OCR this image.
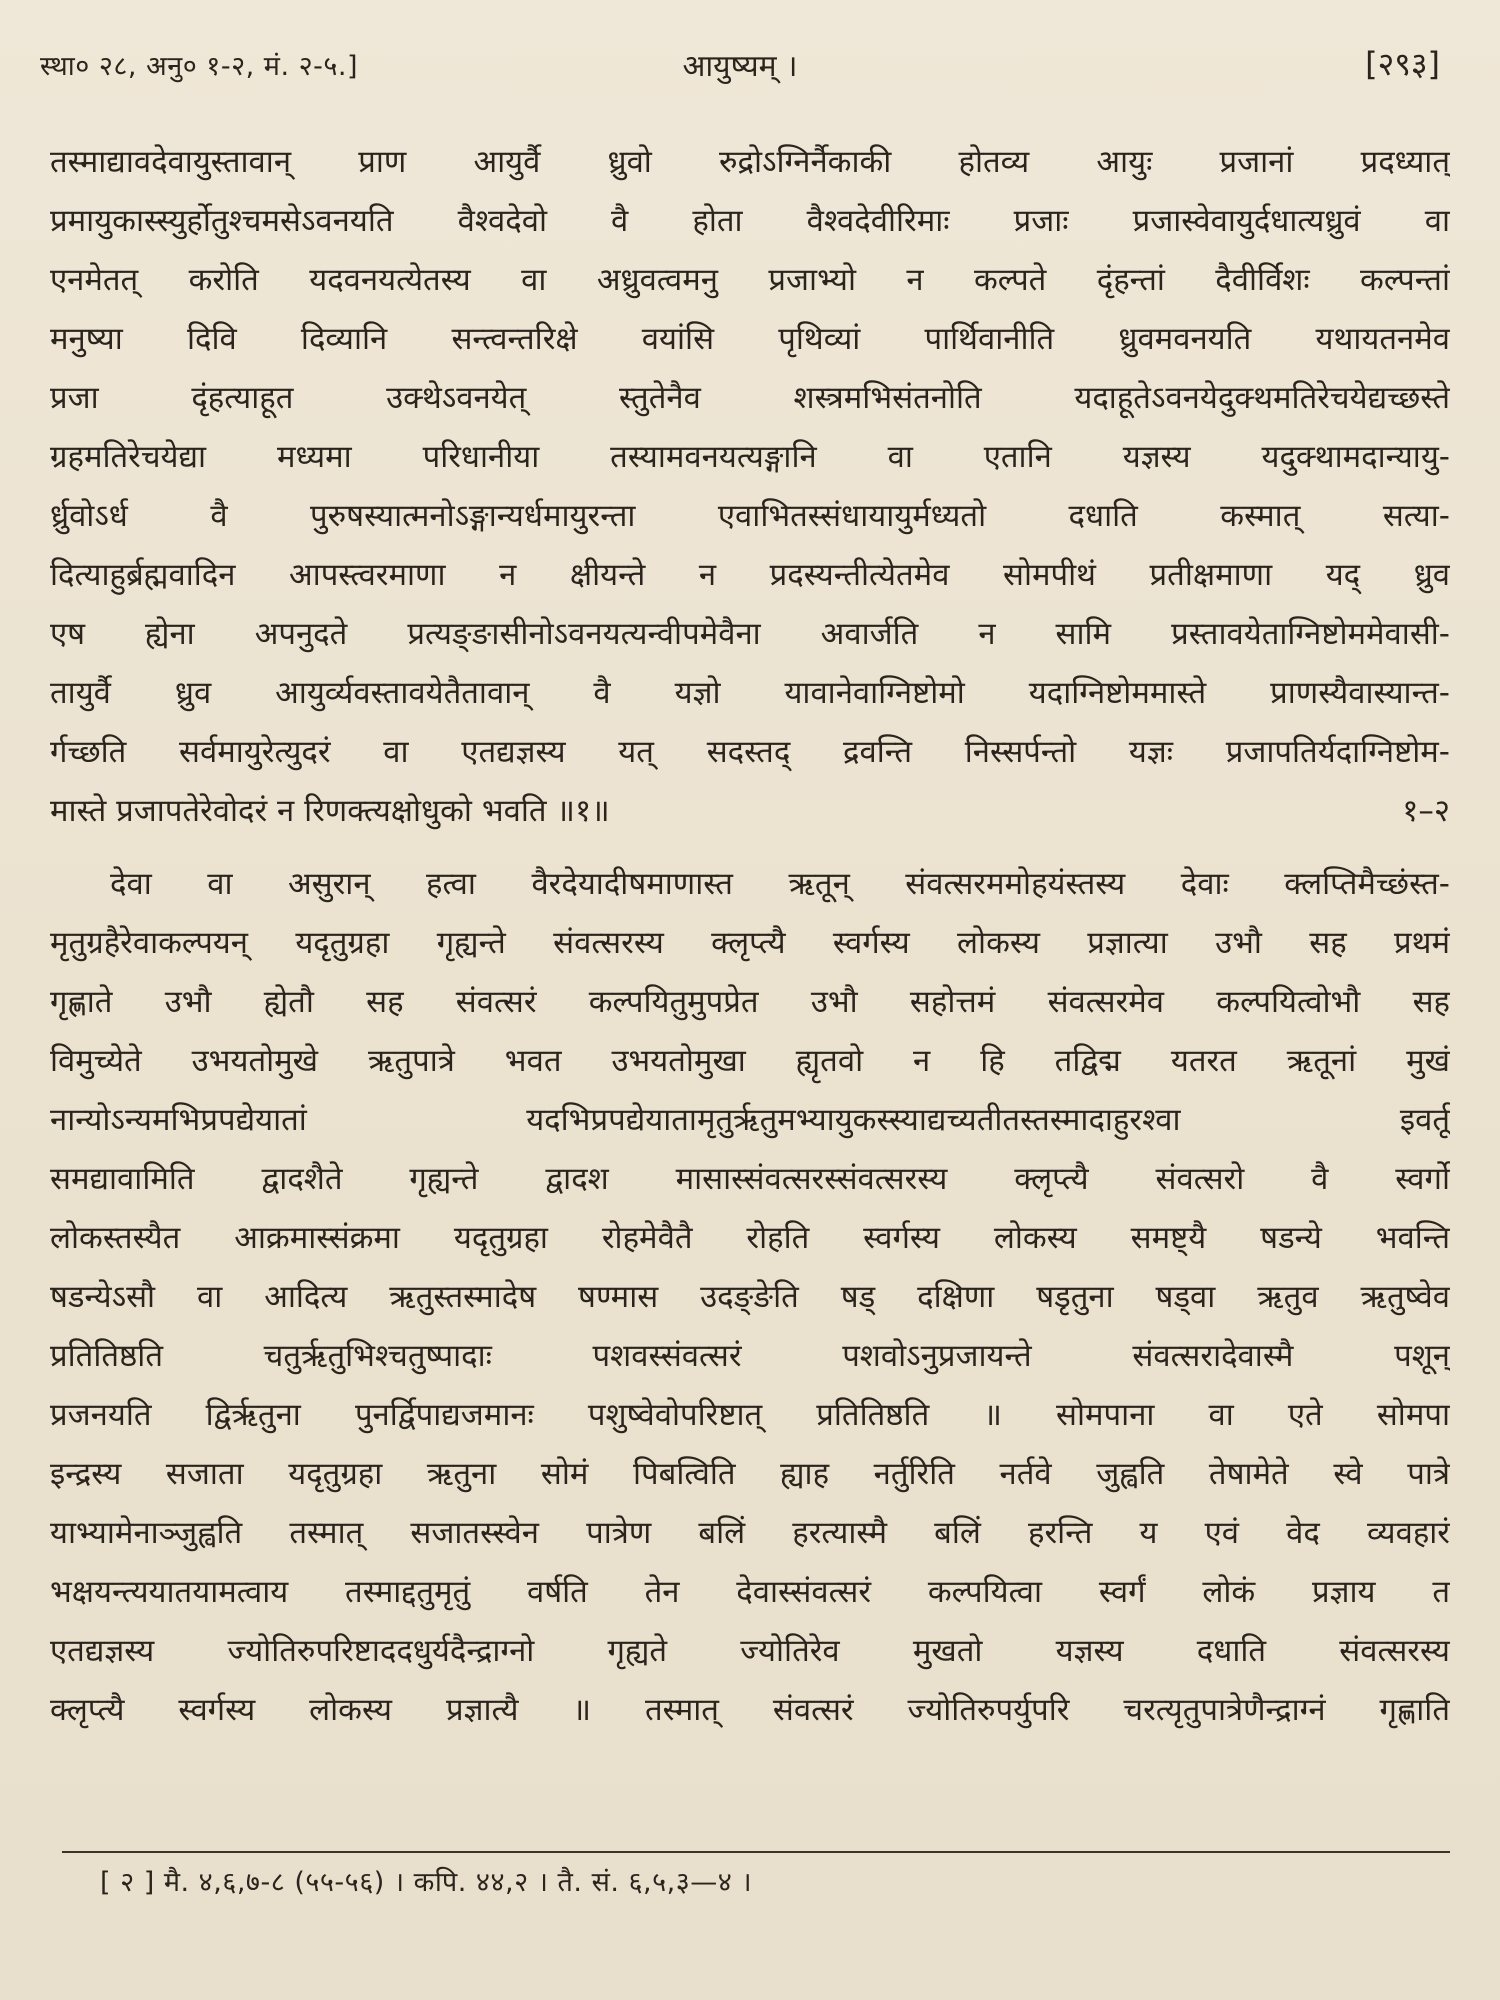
स्था० २८, अनु० १-२, मं. २-५.]	आयुष्यम् ।	[२९३]
तस्माद्यावदेवायुस्तावान् प्राण आयुर्वै ध्रुवो रुद्रोऽग्निर्नैकाकी होतव्य आयुः प्रजानां प्रदध्यात्
प्रमायुकास्स्युर्होतुश्चमसेऽवनयति वैश्वदेवो वै होता वैश्वदेवीरिमाः प्रजाः प्रजास्वेवायुर्दधात्यध्रुवं वा
एनमेतत् करोति यदवनयत्येतस्य वा अध्रुवत्वमनु प्रजाभ्यो न कल्पते दृंहन्तां दैवीर्विशः कल्पन्तां
मनुष्या दिवि दिव्यानि सन्त्वन्तरिक्षे वयांसि पृथिव्यां पार्थिवानीति ध्रुवमवनयति यथायतनमेव
प्रजा दृंहत्याहूत उक्थेऽवनयेत् स्तुतेनैव शस्त्रमभिसंतनोति यदाहूतेऽवनयेदुक्थमतिरेचयेद्यच्छस्ते
ग्रहमतिरेचयेद्या मध्यमा परिधानीया तस्यामवनयत्यङ्गानि वा एतानि यज्ञस्य यदुक्थामदान्यायु-
र्ध्रुवोऽर्ध वै पुरुषस्यात्मनोऽङ्गान्यर्धमायुरन्ता एवाभितस्संधायायुर्मध्यतो दधाति कस्मात् सत्या-
दित्याहुर्ब्रह्मवादिन आपस्त्वरमाणा न क्षीयन्ते न प्रदस्यन्तीत्येतमेव सोमपीथं प्रतीक्षमाणा यद् ध्रुव
एष ह्येना अपनुदते प्रत्यङ्ङासीनोऽवनयत्यन्वीपमेवैना अवार्जति न सामि प्रस्तावयेताग्निष्टोममेवासी-
तायुर्वै ध्रुव आयुर्व्यवस्तावयेतैतावान् वै यज्ञो यावानेवाग्निष्टोमो यदाग्निष्टोममास्ते प्राणस्यैवास्यान्त-
र्गच्छति सर्वमायुरेत्युदरं वा एतद्यज्ञस्य यत् सदस्तद् द्रवन्ति निस्सर्पन्तो यज्ञः प्रजापतिर्यदाग्निष्टोम-
मास्ते प्रजापतेरेवोदरं न रिणक्त्यक्षोधुको भवति ॥१॥	१–२
देवा वा असुरान् हत्वा वैरदेयादीषमाणास्त ऋतून् संवत्सरममोहयंस्तस्य देवाः क्लप्तिमैच्छंस्त-
मृतुग्रहैरेवाकल्पयन् यदृतुग्रहा गृह्यन्ते संवत्सरस्य क्लृप्त्यै स्वर्गस्य लोकस्य प्रज्ञात्या उभौ सह प्रथमं
गृह्णाते उभौ ह्येतौ सह संवत्सरं कल्पयितुमुपप्रेत उभौ सहोत्तमं संवत्सरमेव कल्पयित्वोभौ सह
विमुच्येते उभयतोमुखे ऋतुपात्रे भवत उभयतोमुखा ह्यृतवो न हि तद्विद्म यतरत ऋतूनां मुखं
नान्योऽन्यमभिप्रपद्येयातां यदभिप्रपद्येयातामृतुर्ऋतुमभ्यायुकस्स्याद्यच्यतीतस्तस्मादाहुरश्वा इवर्तू
समद्यावामिति द्वादशैते गृह्यन्ते द्वादश मासास्संवत्सरस्संवत्सरस्य क्लृप्त्यै संवत्सरो वै स्वर्गो
लोकस्तस्यैत आक्रमास्संक्रमा यदृतुग्रहा रोहमेवैतै रोहति स्वर्गस्य लोकस्य समष्ट्यै षडन्ये भवन्ति
षडन्येऽसौ वा आदित्य ऋतुस्तस्मादेष षण्मास उदङ्ङेति षड् दक्षिणा षडृतुना षड्वा ऋतुव ऋतुष्वेव
प्रतितिष्ठति चतुर्ऋतुभिश्चतुष्पादाः पशवस्संवत्सरं पशवोऽनुप्रजायन्ते संवत्सरादेवास्मै पशून्
प्रजनयति द्विर्ऋतुना पुनर्द्विपाद्यजमानः पशुष्वेवोपरिष्टात् प्रतितिष्ठति ॥ सोमपाना वा एते सोमपा
इन्द्रस्य सजाता यदृतुग्रहा ऋतुना सोमं पिबत्विति ह्याह नर्तुरिति नर्तवे जुह्वति तेषामेते स्वे पात्रे
याभ्यामेनाञ्जुह्वति तस्मात् सजातस्स्वेन पात्रेण बलिं हरत्यास्मै बलिं हरन्ति य एवं वेद व्यवहारं
भक्षयन्त्ययातयामत्वाय तस्माद्दतुमृतुं वर्षति तेन देवास्संवत्सरं कल्पयित्वा स्वर्गं लोकं प्रज्ञाय त
एतद्यज्ञस्य ज्योतिरुपरिष्टाददधुर्यदैन्द्राग्नो गृह्यते ज्योतिरेव मुखतो यज्ञस्य दधाति संवत्सरस्य
क्लृप्त्यै स्वर्गस्य लोकस्य प्रज्ञात्यै ॥ तस्मात् संवत्सरं ज्योतिरुपर्युपरि चरत्यृतुपात्रेणैन्द्राग्नं गृह्णाति
[ २ ] मै. ४,६,७-८ (५५-५६) । कपि. ४४,२ । तै. सं. ६,५,३—४ ।
